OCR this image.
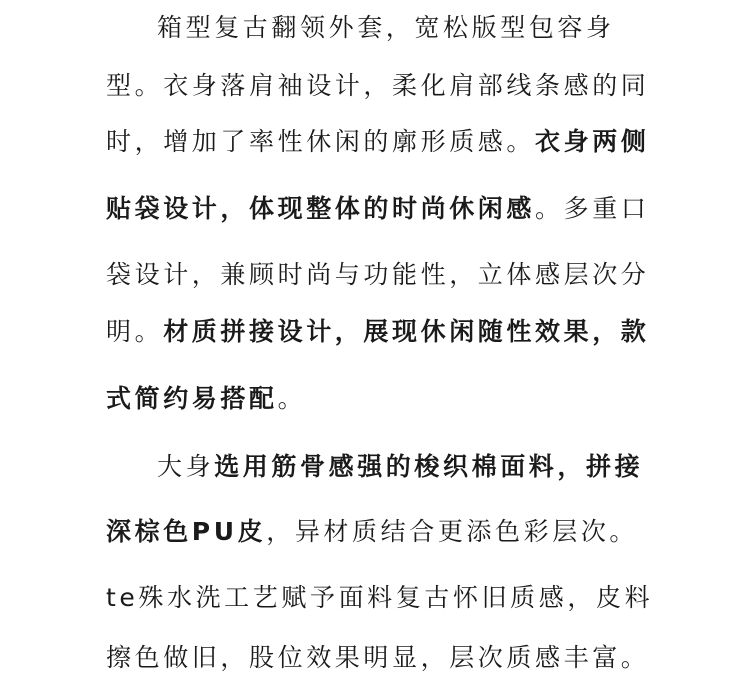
箱型复古翻领外套，宽松版型包容身
型。衣身落肩袖设计，柔化肩部线条感的同
时，增加了率性休闲的廓形质感。衣身两侧
贴袋设计，体现整体的时尚休闲感。多重口
袋设计，兼顾时尚与功能性，立体感层次分
明。材质拼接设计，展现休闲随性效果，款
式简约易搭配。
大身选用筋骨感强的梭织棉面料，拼接
深棕色PU皮，异材质结合更添色彩层次。
te殊水洗工艺赋予面料复古怀旧质感，皮料
擦色做旧，股位效果明显，层次质感丰富。
